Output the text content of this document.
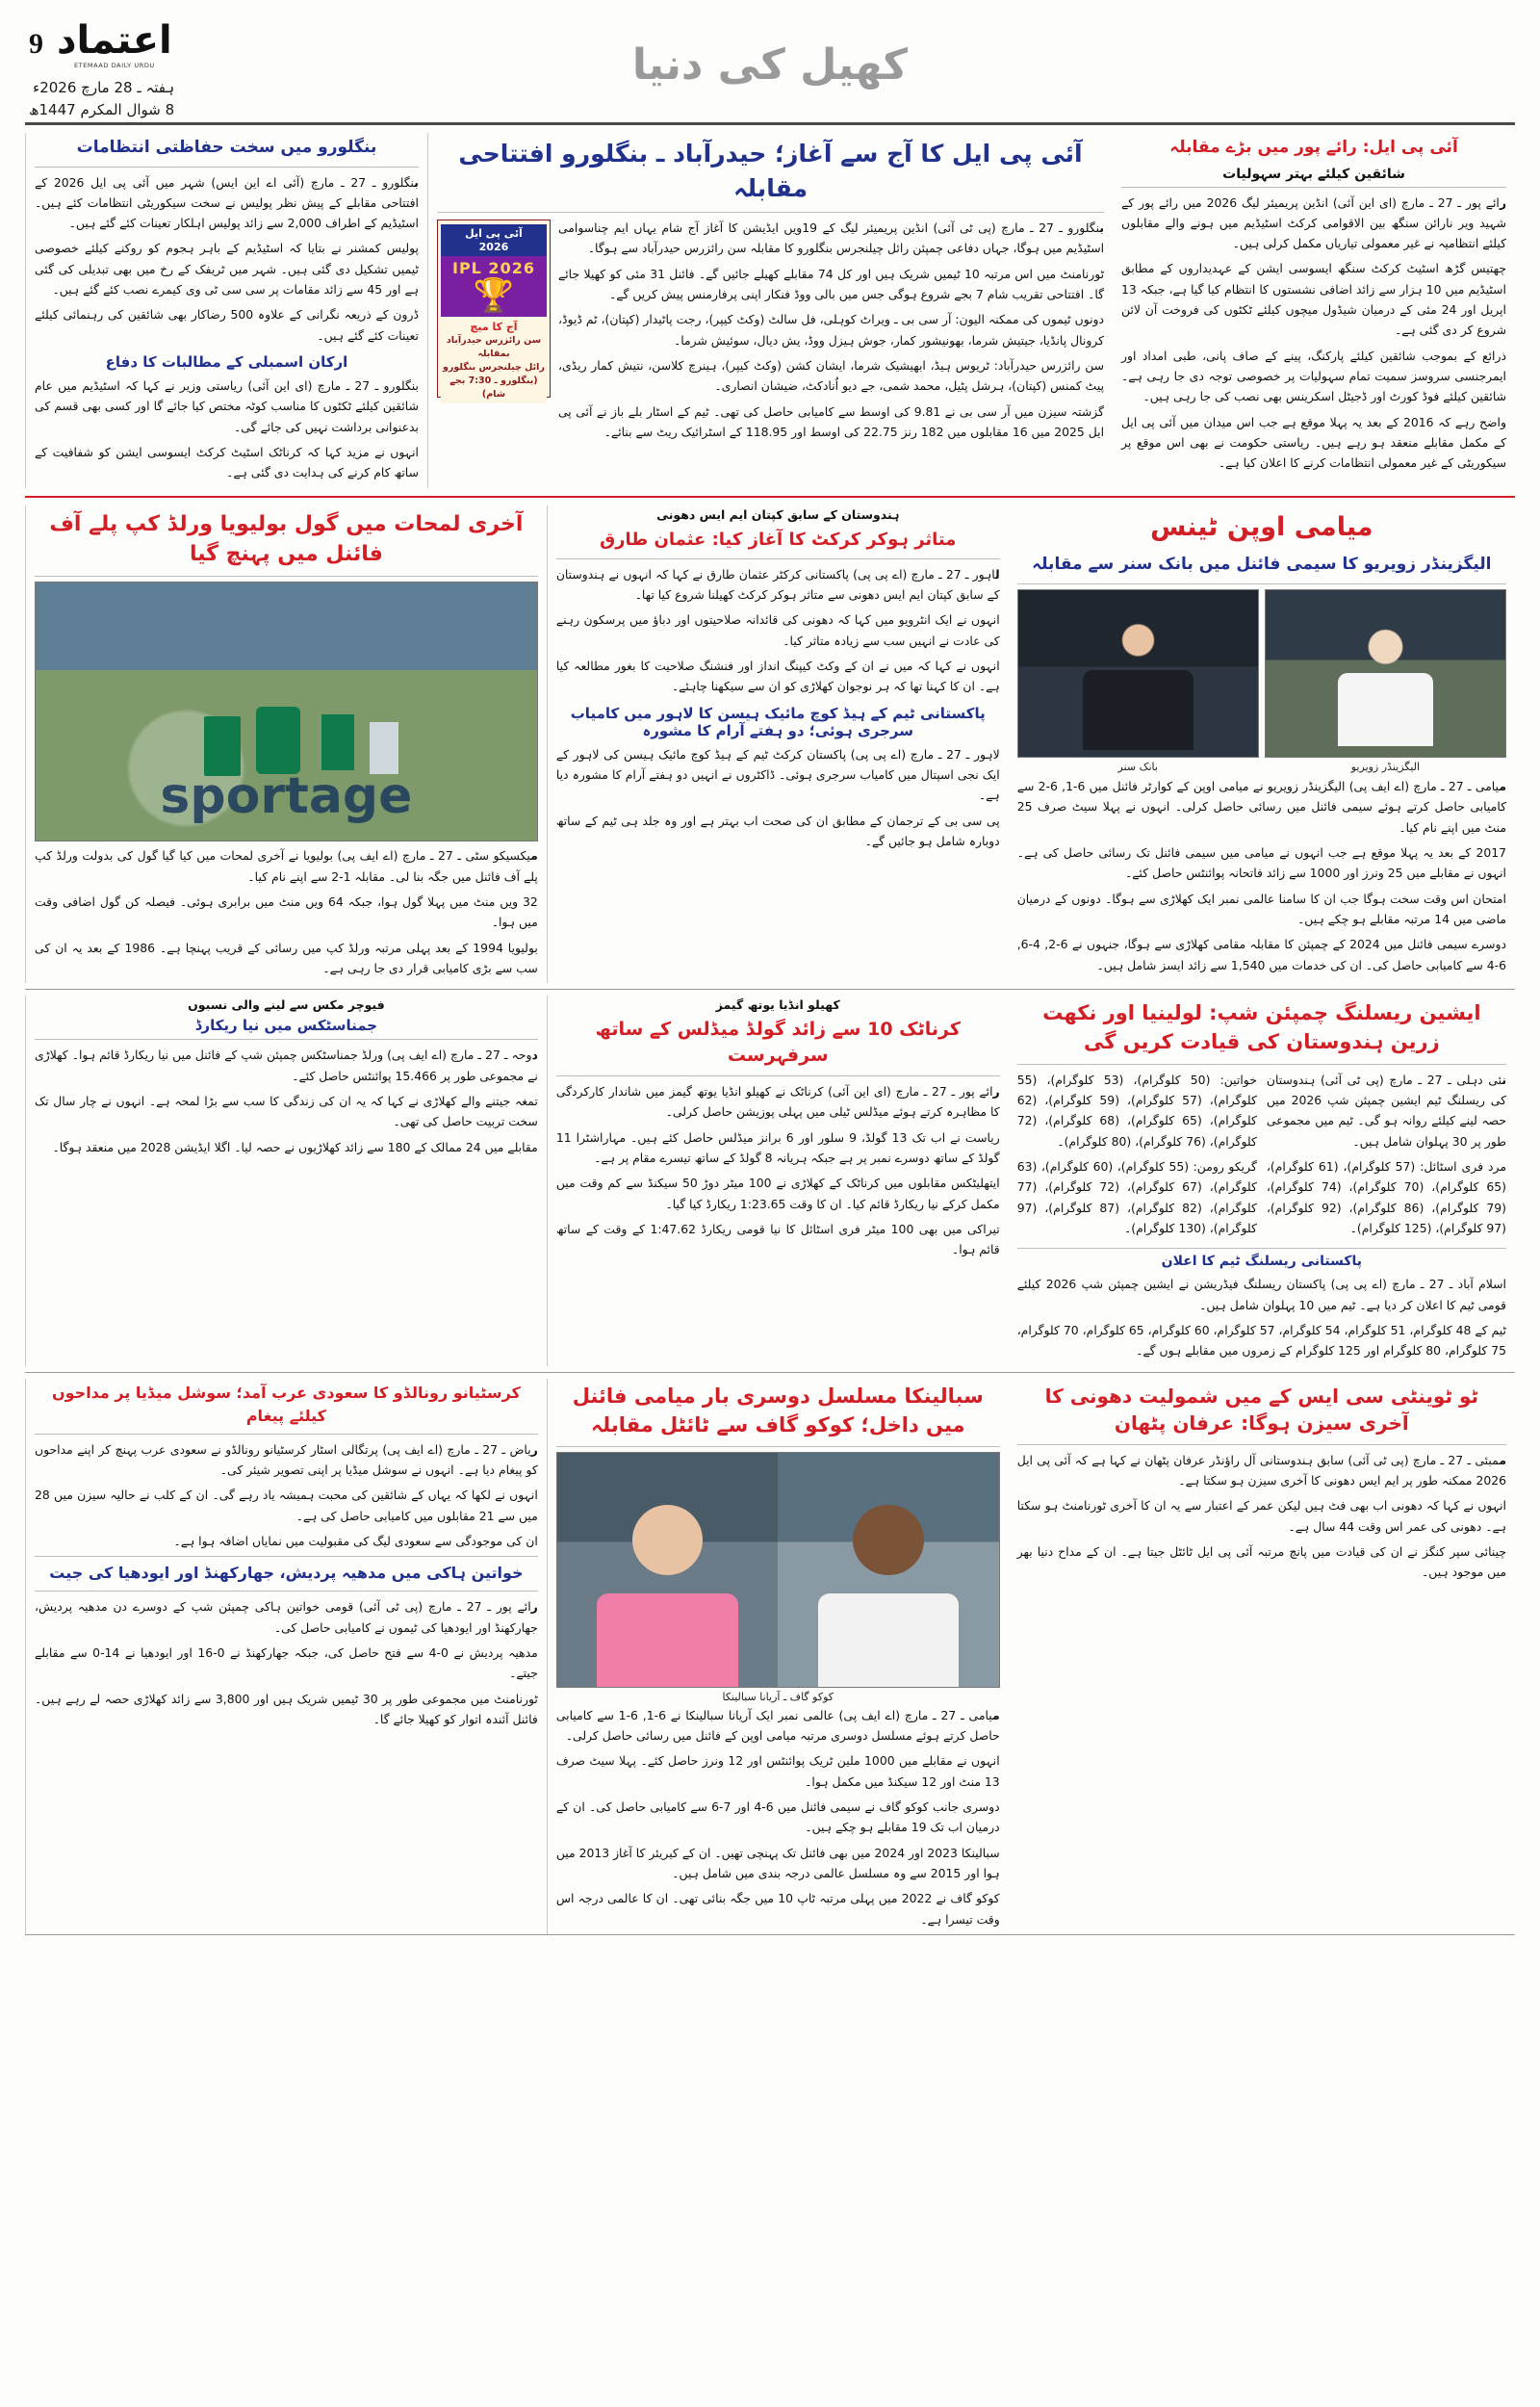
9 اعتماد
ETEMAAD DAILY URDU
ہفتہ ـ 28 مارچ 2026ء
8 شوال المکرم 1447ھ
کھیل کی دنیا
آئی پی ایل: رائے پور میں بڑے مقابلہ
شائقین کیلئے بہتر سہولیات

رائے پور ـ 27 ـ مارچ (ای این آئی) انڈین پریمیئر لیگ 2026 میں رائے پور کے شہید ویر نارائن سنگھ بین الاقوامی کرکٹ اسٹیڈیم میں ہونے والے مقابلوں کیلئے انتظامیہ نے غیر معمولی تیاریاں مکمل کرلی ہیں۔

چھتیس گڑھ اسٹیٹ کرکٹ سنگھ ایسوسی ایشن کے عہدیداروں کے مطابق اسٹیڈیم میں 10 ہزار سے زائد اضافی نشستوں کا انتظام کیا گیا ہے، جبکہ 13 اپریل اور 24 مئی کے درمیان شیڈول میچوں کیلئے ٹکٹوں کی فروخت آن لائن شروع کر دی گئی ہے۔

ذرائع کے بموجب شائقین کیلئے پارکنگ، پینے کے صاف پانی، طبی امداد اور ایمرجنسی سروسز سمیت تمام سہولیات پر خصوصی توجہ دی جا رہی ہے۔ شائقین کیلئے فوڈ کورٹ اور ڈجیٹل اسکرینس بھی نصب کی جا رہی ہیں۔

واضح رہے کہ 2016 کے بعد یہ پہلا موقع ہے جب اس میدان میں آئی پی ایل کے مکمل مقابلے منعقد ہو رہے ہیں۔ ریاستی حکومت نے بھی اس موقع پر سیکوریٹی کے غیر معمولی انتظامات کرنے کا اعلان کیا ہے۔

آئی پی ایل کا آج سے آغاز؛ حیدرآباد ـ بنگلورو افتتاحی مقابلہ
آئی پی ایل
2026
IPL 2026
🏆
آج کا میچ
سن رائزرس حیدرآباد
بمقابلہ
رائل چیلنجرس بنگلورو
(بنگلورو ـ 7:30 بجے شام)

بنگلورو ـ 27 ـ مارچ (پی ٹی آئی) انڈین پریمیئر لیگ کے 19ویں ایڈیشن کا آغاز آج شام یہاں ایم چناسوامی اسٹیڈیم میں ہوگا، جہاں دفاعی چمپئن رائل چیلنجرس بنگلورو کا مقابلہ سن رائزرس حیدرآباد سے ہوگا۔

ٹورنامنٹ میں اس مرتبہ 10 ٹیمیں شریک ہیں اور کل 74 مقابلے کھیلے جائیں گے۔ فائنل 31 مئی کو کھیلا جائے گا۔ افتتاحی تقریب شام 7 بجے شروع ہوگی جس میں بالی ووڈ فنکار اپنی پرفارمنس پیش کریں گے۔

دونوں ٹیموں کی ممکنہ الیون: آر سی بی ـ ویراٹ کوہلی، فل سالٹ (وکٹ کیپر)، رجت پاٹیدار (کپتان)، ٹم ڈیوڈ، کرونال پانڈیا، جیتیش شرما، بھونیشور کمار، جوش ہیزل ووڈ، یش دیال، سوئیش شرما۔

سن رائزرس حیدرآباد: ٹریوس ہیڈ، ابھیشیک شرما، ایشان کشن (وکٹ کیپر)، ہینرچ کلاسن، نتیش کمار ریڈی، پیٹ کمنس (کپتان)، ہرشل پٹیل، محمد شمی، جے دیو اُنادکٹ، ضیشان انصاری۔

گزشتہ سیزن میں آر سی بی نے 9.81 کی اوسط سے کامیابی حاصل کی تھی۔ ٹیم کے اسٹار بلے باز نے آئی پی ایل 2025 میں 16 مقابلوں میں 182 رنز 22.75 کی اوسط اور 118.95 کے اسٹرائیک ریٹ سے بنائے۔

بنگلورو میں سخت حفاظتی انتظامات

بنگلورو ـ 27 ـ مارچ (آئی اے این ایس) شہر میں آئی پی ایل 2026 کے افتتاحی مقابلے کے پیش نظر پولیس نے سخت سیکوریٹی انتظامات کئے ہیں۔ اسٹیڈیم کے اطراف 2,000 سے زائد پولیس اہلکار تعینات کئے گئے ہیں۔

پولیس کمشنر نے بتایا کہ اسٹیڈیم کے باہر ہجوم کو روکنے کیلئے خصوصی ٹیمیں تشکیل دی گئی ہیں۔ شہر میں ٹریفک کے رخ میں بھی تبدیلی کی گئی ہے اور 45 سے زائد مقامات پر سی سی ٹی وی کیمرے نصب کئے گئے ہیں۔

ڈرون کے ذریعہ نگرانی کے علاوہ 500 رضاکار بھی شائقین کی رہنمائی کیلئے تعینات کئے گئے ہیں۔

ارکان اسمبلی کے مطالبات کا دفاع

بنگلورو ـ 27 ـ مارچ (ای این آئی) ریاستی وزیر نے کہا کہ اسٹیڈیم میں عام شائقین کیلئے ٹکٹوں کا مناسب کوٹہ مختص کیا جائے گا اور کسی بھی قسم کی بدعنوانی برداشت نہیں کی جائے گی۔

انہوں نے مزید کہا کہ کرناٹک اسٹیٹ کرکٹ ایسوسی ایشن کو شفافیت کے ساتھ کام کرنے کی ہدایت دی گئی ہے۔

میامی اوپن ٹینس
الیگزینڈر زویریو کا سیمی فائنل میں بانک سنر سے مقابلہ
الیگزینڈر زویریو
بانک سنر

میامی ـ 27 ـ مارچ (اے ایف پی) الیگزینڈر زویریو نے میامی اوپن کے کوارٹر فائنل میں 6-1, 6-2 سے کامیابی حاصل کرتے ہوئے سیمی فائنل میں رسائی حاصل کرلی۔ انہوں نے پہلا سیٹ صرف 25 منٹ میں اپنے نام کیا۔

2017 کے بعد یہ پہلا موقع ہے جب انہوں نے میامی میں سیمی فائنل تک رسائی حاصل کی ہے۔ انہوں نے مقابلے میں 25 ونرز اور 1000 سے زائد فاتحانہ پوائنٹس حاصل کئے۔

امتحان اس وقت سخت ہوگا جب ان کا سامنا عالمی نمبر ایک کھلاڑی سے ہوگا۔ دونوں کے درمیان ماضی میں 14 مرتبہ مقابلے ہو چکے ہیں۔

دوسرے سیمی فائنل میں 2024 کے چمپئن کا مقابلہ مقامی کھلاڑی سے ہوگا، جنہوں نے 6-2, 4-6, 6-4 سے کامیابی حاصل کی۔ ان کی خدمات میں 1,540 سے زائد ایسز شامل ہیں۔

ہندوستان کے سابق کپتان ایم ایس دھونی
متاثر ہوکر کرکٹ کا آغاز کیا: عثمان طارق

لاہور ـ 27 ـ مارچ (اے پی پی) پاکستانی کرکٹر عثمان طارق نے کہا کہ انہوں نے ہندوستان کے سابق کپتان ایم ایس دھونی سے متاثر ہوکر کرکٹ کھیلنا شروع کیا تھا۔

انہوں نے ایک انٹرویو میں کہا کہ دھونی کی قائدانہ صلاحیتوں اور دباؤ میں پرسکون رہنے کی عادت نے انہیں سب سے زیادہ متاثر کیا۔

انہوں نے کہا کہ میں نے ان کے وکٹ کیپنگ انداز اور فنشنگ صلاحیت کا بغور مطالعہ کیا ہے۔ ان کا کہنا تھا کہ ہر نوجوان کھلاڑی کو ان سے سیکھنا چاہئے۔

پاکستانی ٹیم کے ہیڈ کوچ مائیک ہیسن کا لاہور میں کامیاب سرجری ہوئی؛ دو ہفتے آرام کا مشورہ

لاہور ـ 27 ـ مارچ (اے پی پی) پاکستان کرکٹ ٹیم کے ہیڈ کوچ مائیک ہیسن کی لاہور کے ایک نجی اسپتال میں کامیاب سرجری ہوئی۔ ڈاکٹروں نے انہیں دو ہفتے آرام کا مشورہ دیا ہے۔

پی سی بی کے ترجمان کے مطابق ان کی صحت اب بہتر ہے اور وہ جلد ہی ٹیم کے ساتھ دوبارہ شامل ہو جائیں گے۔

آخری لمحات میں گول بولیویا ورلڈ کپ پلے آف فائنل میں پہنچ گیا
sportage

میکسیکو سٹی ـ 27 ـ مارچ (اے ایف پی) بولیویا نے آخری لمحات میں کیا گیا گول کی بدولت ورلڈ کپ پلے آف فائنل میں جگہ بنا لی۔ مقابلہ 1-2 سے اپنے نام کیا۔

32 ویں منٹ میں پہلا گول ہوا، جبکہ 64 ویں منٹ میں برابری ہوئی۔ فیصلہ کن گول اضافی وقت میں ہوا۔

بولیویا 1994 کے بعد پہلی مرتبہ ورلڈ کپ میں رسائی کے قریب پہنچا ہے۔ 1986 کے بعد یہ ان کی سب سے بڑی کامیابی قرار دی جا رہی ہے۔

ایشین ریسلنگ چمپئن شپ: لولینیا اور نکھت زرین ہندوستان کی قیادت کریں گی

نئی دہلی ـ 27 ـ مارچ (پی ٹی آئی) ہندوستان کی ریسلنگ ٹیم ایشین چمپئن شپ 2026 میں حصہ لینے کیلئے روانہ ہو گی۔ ٹیم میں مجموعی طور پر 30 پہلوان شامل ہیں۔

مرد فری اسٹائل: (57 کلوگرام)، (61 کلوگرام)، (65 کلوگرام)، (70 کلوگرام)، (74 کلوگرام)، (79 کلوگرام)، (86 کلوگرام)، (92 کلوگرام)، (97 کلوگرام)، (125 کلوگرام)۔

خواتین: (50 کلوگرام)، (53 کلوگرام)، (55 کلوگرام)، (57 کلوگرام)، (59 کلوگرام)، (62 کلوگرام)، (65 کلوگرام)، (68 کلوگرام)، (72 کلوگرام)، (76 کلوگرام)، (80 کلوگرام)۔

گریکو رومن: (55 کلوگرام)، (60 کلوگرام)، (63 کلوگرام)، (67 کلوگرام)، (72 کلوگرام)، (77 کلوگرام)، (82 کلوگرام)، (87 کلوگرام)، (97 کلوگرام)، (130 کلوگرام)۔

پاکستانی ریسلنگ ٹیم کا اعلان

اسلام آباد ـ 27 ـ مارچ (اے پی پی) پاکستان ریسلنگ فیڈریشن نے ایشین چمپئن شپ 2026 کیلئے قومی ٹیم کا اعلان کر دیا ہے۔ ٹیم میں 10 پہلوان شامل ہیں۔

ٹیم کے 48 کلوگرام، 51 کلوگرام، 54 کلوگرام، 57 کلوگرام، 60 کلوگرام، 65 کلوگرام، 70 کلوگرام، 75 کلوگرام، 80 کلوگرام اور 125 کلوگرام کے زمروں میں مقابلے ہوں گے۔

کھیلو انڈیا یوتھ گیمز
کرناٹک 10 سے زائد گولڈ میڈلس کے ساتھ سرفہرست

رائے پور ـ 27 ـ مارچ (ای این آئی) کرناٹک نے کھیلو انڈیا یوتھ گیمز میں شاندار کارکردگی کا مظاہرہ کرتے ہوئے میڈلس ٹیلی میں پہلی پوزیشن حاصل کرلی۔

ریاست نے اب تک 13 گولڈ، 9 سلور اور 6 برانز میڈلس حاصل کئے ہیں۔ مہاراشٹرا 11 گولڈ کے ساتھ دوسرے نمبر پر ہے جبکہ ہریانہ 8 گولڈ کے ساتھ تیسرے مقام پر ہے۔

ایتھلیٹکس مقابلوں میں کرناٹک کے کھلاڑی نے 100 میٹر دوڑ 50 سیکنڈ سے کم وقت میں مکمل کرکے نیا ریکارڈ قائم کیا۔ ان کا وقت 1:23.65 ریکارڈ کیا گیا۔

تیراکی میں بھی 100 میٹر فری اسٹائل کا نیا قومی ریکارڈ 1:47.62 کے وقت کے ساتھ قائم ہوا۔

فیوچر مکس سے لینے والی نسبوں
جمناسٹکس میں نیا ریکارڈ

دوحہ ـ 27 ـ مارچ (اے ایف پی) ورلڈ جمناسٹکس چمپئن شپ کے فائنل میں نیا ریکارڈ قائم ہوا۔ کھلاڑی نے مجموعی طور پر 15.466 پوائنٹس حاصل کئے۔

تمغہ جیتنے والے کھلاڑی نے کہا کہ یہ ان کی زندگی کا سب سے بڑا لمحہ ہے۔ انہوں نے چار سال تک سخت تربیت حاصل کی تھی۔

مقابلے میں 24 ممالک کے 180 سے زائد کھلاڑیوں نے حصہ لیا۔ اگلا ایڈیشن 2028 میں منعقد ہوگا۔

ٹو ٹوینٹی سی ایس کے میں شمولیت دھونی کا آخری سیزن ہوگا: عرفان پٹھان

ممبئی ـ 27 ـ مارچ (پی ٹی آئی) سابق ہندوستانی آل راؤنڈر عرفان پٹھان نے کہا ہے کہ آئی پی ایل 2026 ممکنہ طور پر ایم ایس دھونی کا آخری سیزن ہو سکتا ہے۔

انہوں نے کہا کہ دھونی اب بھی فٹ ہیں لیکن عمر کے اعتبار سے یہ ان کا آخری ٹورنامنٹ ہو سکتا ہے۔ دھونی کی عمر اس وقت 44 سال ہے۔

چینائی سپر کنگز نے ان کی قیادت میں پانچ مرتبہ آئی پی ایل ٹائٹل جیتا ہے۔ ان کے مداح دنیا بھر میں موجود ہیں۔

سبالینکا مسلسل دوسری بار میامی فائنل میں داخل؛ کوکو گاف سے ٹائٹل مقابلہ
کوکو گاف ـ آریانا سبالینکا

میامی ـ 27 ـ مارچ (اے ایف پی) عالمی نمبر ایک آریانا سبالینکا نے 6-1, 6-1 سے کامیابی حاصل کرتے ہوئے مسلسل دوسری مرتبہ میامی اوپن کے فائنل میں رسائی حاصل کرلی۔

انہوں نے مقابلے میں 1000 ملین ٹریک پوائنٹس اور 12 ونرز حاصل کئے۔ پہلا سیٹ صرف 13 منٹ اور 12 سیکنڈ میں مکمل ہوا۔

دوسری جانب کوکو گاف نے سیمی فائنل میں 6-4 اور 7-6 سے کامیابی حاصل کی۔ ان کے درمیان اب تک 19 مقابلے ہو چکے ہیں۔

سبالینکا 2023 اور 2024 میں بھی فائنل تک پہنچی تھیں۔ ان کے کیریئر کا آغاز 2013 میں ہوا اور 2015 سے وہ مسلسل عالمی درجہ بندی میں شامل ہیں۔

کوکو گاف نے 2022 میں پہلی مرتبہ ٹاپ 10 میں جگہ بنائی تھی۔ ان کا عالمی درجہ اس وقت تیسرا ہے۔

کرسٹیانو رونالڈو کا سعودی عرب آمد؛ سوشل میڈیا پر مداحوں کیلئے پیغام

ریاض ـ 27 ـ مارچ (اے ایف پی) پرتگالی اسٹار کرسٹیانو رونالڈو نے سعودی عرب پہنچ کر اپنے مداحوں کو پیغام دیا ہے۔ انہوں نے سوشل میڈیا پر اپنی تصویر شیئر کی۔

انہوں نے لکھا کہ یہاں کے شائقین کی محبت ہمیشہ یاد رہے گی۔ ان کے کلب نے حالیہ سیزن میں 28 میں سے 21 مقابلوں میں کامیابی حاصل کی ہے۔

ان کی موجودگی سے سعودی لیگ کی مقبولیت میں نمایاں اضافہ ہوا ہے۔

خواتین ہاکی میں مدھیہ پردیش، جھارکھنڈ اور ایودھیا کی جیت

رائے پور ـ 27 ـ مارچ (پی ٹی آئی) قومی خواتین ہاکی چمپئن شپ کے دوسرے دن مدھیہ پردیش، جھارکھنڈ اور ایودھیا کی ٹیموں نے کامیابی حاصل کی۔

مدھیہ پردیش نے 0-4 سے فتح حاصل کی، جبکہ جھارکھنڈ نے 0-16 اور ایودھیا نے 14-0 سے مقابلے جیتے۔

ٹورنامنٹ میں مجموعی طور پر 30 ٹیمیں شریک ہیں اور 3,800 سے زائد کھلاڑی حصہ لے رہے ہیں۔ فائنل آئندہ اتوار کو کھیلا جائے گا۔
